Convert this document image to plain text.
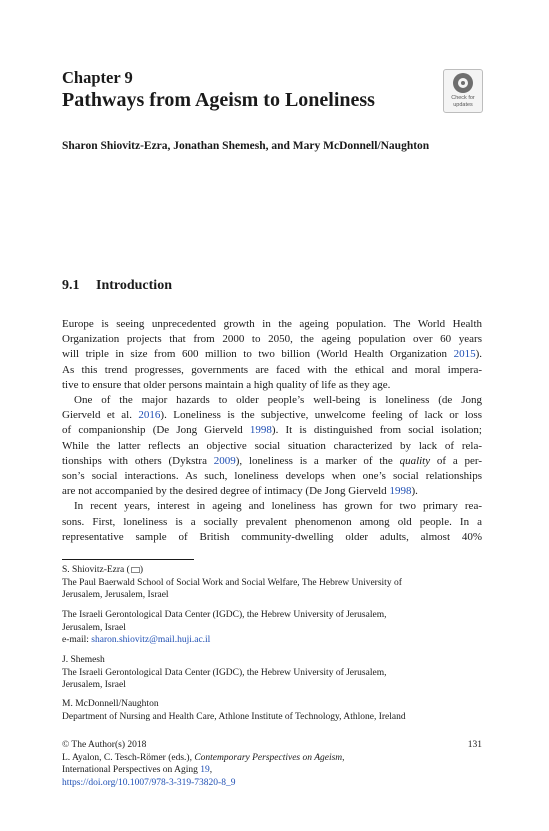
Chapter 9
Pathways from Ageism to Loneliness	Check for
updates
Sharon Shiovitz-Ezra, Jonathan Shemesh, and Mary McDonnell/Naughton
9.1 Introduction

Europe is seeing unprecedented growth in the ageing population. The World Health

Organization projects that from 2000 to 2050, the ageing population over 60 years

will triple in size from 600 million to two billion (World Health Organization 2015).

As this trend progresses, governments are faced with the ethical and moral impera-

tive to ensure that older persons maintain a high quality of life as they age.

One of the major hazards to older people’s well-being is loneliness (de Jong

Gierveld et al. 2016). Loneliness is the subjective, unwelcome feeling of lack or loss

of companionship (De Jong Gierveld 1998). It is distinguished from social isolation;

While the latter reflects an objective social situation characterized by lack of rela-

tionships with others (Dykstra 2009), loneliness is a marker of the quality of a per-

son’s social interactions. As such, loneliness develops when one’s social relationships

are not accompanied by the desired degree of intimacy (De Jong Gierveld 1998).

In recent years, interest in ageing and loneliness has grown for two primary rea-

sons. First, loneliness is a socially prevalent phenomenon among old people. In a

representative sample of British community-dwelling older adults, almost 40%

S. Shiovitz-Ezra ( )
The Paul Baerwald School of Social Work and Social Welfare, The Hebrew University of
Jerusalem, Jerusalem, Israel
The Israeli Gerontological Data Center (IGDC), the Hebrew University of Jerusalem,
Jerusalem, Israel
e-mail: sharon.shiovitz@mail.huji.ac.il
J. Shemesh
The Israeli Gerontological Data Center (IGDC), the Hebrew University of Jerusalem,
Jerusalem, Israel
M. McDonnell/Naughton
Department of Nursing and Health Care, Athlone Institute of Technology, Athlone, Ireland
131
© The Author(s) 2018
L. Ayalon, C. Tesch-Römer (eds.), Contemporary Perspectives on Ageism,
International Perspectives on Aging 19,
https://doi.org/10.1007/978-3-319-73820-8_9
